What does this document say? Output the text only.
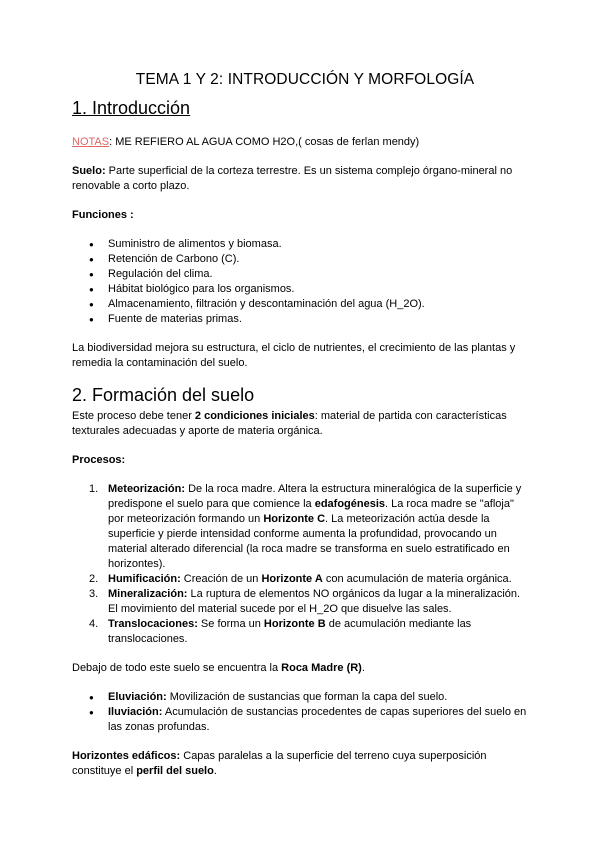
TEMA 1 Y 2: INTRODUCCIÓN Y MORFOLOGÍA
1. Introducción

NOTAS: ME REFIERO AL AGUA COMO H2O,( cosas de ferlan mendy)

Suelo: Parte superficial de la corteza terrestre. Es un sistema complejo órgano-mineral no renovable a corto plazo.

Funciones :

● Suministro de alimentos y biomasa.
● Retención de Carbono (C).
● Regulación del clima.
● Hábitat biológico para los organismos.
● Almacenamiento, filtración y descontaminación del agua (H_2O).
● Fuente de materias primas.

La biodiversidad mejora su estructura, el ciclo de nutrientes, el crecimiento de las plantas y remedia la contaminación del suelo.

2. Formación del suelo

Este proceso debe tener 2 condiciones iniciales: material de partida con características texturales adecuadas y aporte de materia orgánica.

Procesos:

1. Meteorización: De la roca madre. Altera la estructura mineralógica de la superficie y predispone el suelo para que comience la edafogénesis. La roca madre se "afloja" por meteorización formando un Horizonte C. La meteorización actúa desde la superficie y pierde intensidad conforme aumenta la profundidad, provocando un material alterado diferencial (la roca madre se transforma en suelo estratificado en horizontes).
2. Humificación: Creación de un Horizonte A con acumulación de materia orgánica.
3. Mineralización: La ruptura de elementos NO orgánicos da lugar a la mineralización. El movimiento del material sucede por el H_2O que disuelve las sales.
4. Translocaciones: Se forma un Horizonte B de acumulación mediante las translocaciones.

Debajo de todo este suelo se encuentra la Roca Madre (R).

● Eluviación: Movilización de sustancias que forman la capa del suelo.
● Iluviación: Acumulación de sustancias procedentes de capas superiores del suelo en las zonas profundas.

Horizontes edáficos: Capas paralelas a la superficie del terreno cuya superposición constituye el perfil del suelo.
